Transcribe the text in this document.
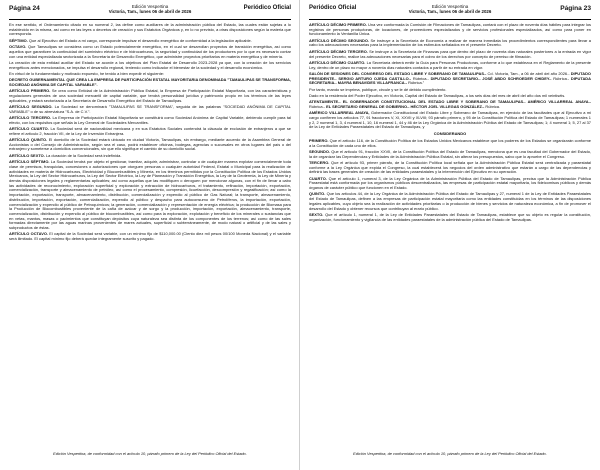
Página 24	Edición Vespertina
Victoria, Tam., lunes 06 de abril de 2026
Periódico Oficial

En ese sentido, el Ordenamiento citado en su numeral 2, las define como auxiliares de la administración pública del Estado, las cuales están sujetas a lo establecido en la misma, así como en las leyes o decretos de creación y sus Estatutos Orgánicos y, en lo no previsto, a otras disposiciones según la materia que corresponda.

SÉPTIMO. Que al Ejecutivo del Estado a mi cargo, corresponde impulsar el desarrollo energético de conformidad a la legislación aplicable.

OCTAVO. Que Tamaulipas se considera como un Estado potencialmente energético, en el cual se desarrollan proyectos de transición energética, así como aquellos que garanticen la continuidad del suministro eléctrico e de hidrocarburos, la seguridad y continuidad de los productores por lo que es necesario contar con una entidad especializada sectorizada a la Secretaría de Desarrollo Energético, que administre proyectos prioritarios en materia energética y de minería.

La creación de esta entidad auxiliar del Estado se acorde a los objetivos del Plan Estatal de Desarrollo 2023-2028 ya que, con la creación de los servicios energéticos antes mencionados, se impulsa el desarrollo regional, teniendo como indicador el bienestar de la sociedad y el desarrollo económico.

En virtud de lo fundamentado y motivado expuesto, he tenido a bien expedir el siguiente:

DECRETO GUBERNAMENTAL QUE CREA LA EMPRESA DE PARTICIPACIÓN ESTATAL MAYORITARIA DENOMINADA "TAMAULIPAS SE TRANSFORMA, SOCIEDAD ANÓNIMA DE CAPITAL VARIABLE".

ARTÍCULO PRIMERO. Se crea como Entidad de la Administración Pública Estatal, la Empresa de Participación Estatal Mayoritaria, con las características y regulaciones generales de una sociedad mercantil de capital variable, que tendrá personalidad jurídica y patrimonio propio en los términos de las leyes aplicables, y estará sectorizada a la Secretaría de Desarrollo Energético del Estado de Tamaulipas.

ARTÍCULO SEGUNDO. La Sociedad se denominará "TAMAULIPAS SE TRANSFORMA", seguida de las palabras "SOCIEDAD ANÓNIMA DE CAPITAL VARIABLE" o de su abreviatura "S.A. de C.V.".

ARTÍCULO TERCERO. La Empresa de Participación Estatal Mayoritaria se constituirá como Sociedad Anónima de Capital Variable, debiendo cumplir para tal efecto, con los requisitos que señala la Ley General de Sociedades Mercantiles.

ARTÍCULO CUARTO. La Sociedad será de nacionalidad mexicana y en sus Estatutos Sociales contendrá la cláusula de exclusión de extranjeros a que se refiere el artículo 2, fracción VII, de la Ley de Inversión Extranjera.

ARTÍCULO QUINTO. El domicilio de la Sociedad estará ubicado en ciudad Victoria, Tamaulipas, sin embargo, mediante acuerdo de la Asamblea General de Accionistas o del Consejo de Administración, según sea el caso, podrá establecer oficinas, bodegas, agencias o sucursales en otros lugares del país o del extranjero y someterse a domicilios convencionales, sin que ello signifique el cambio de su domicilio social.

ARTÍCULO SEXTO. La duración de la Sociedad será indefinida.

ARTÍCULO SÉPTIMO. La Sociedad tendrá por objeto el gestionar, tramitar, adquirir, administrar, controlar o de cualquier manera explotar comercialmente toda clase de permisos, franquicias, concesiones o autorizaciones que otorguen personas o cualquier autoridad Federal, Estatal o Municipal para la realización de actividades en materia de Hidrocarburos, Electricidad y Biocombustibles y Minería, en los términos permitidos por la Constitución Política de los Estados Unidos Mexicanos, la Ley del Sector Hidrocarburos, la Ley del Sector Eléctrico, la Ley de Planeación y Transición Energética, la Ley de la Geotermia, la Ley de Minería y demás disposiciones legales y reglamentarias aplicables; así como aquellas que las modifiquen o deroguen por mencionar algunas, con el fin de llevar a cabo las actividades de reconocimiento, exploración superficial y exploración y extracción de hidrocarburos, el tratamiento, refinación, importación, exportación, comercialización, transporte y almacenamiento de petróleo, así como el procesamiento, compresión, licuefacción, descompresión y regasificación; así como la importación, exportación, transporte, almacenamiento, distribución, comercialización y expendio al público de Gas Natural; la transporte, almacenamiento, distribución, importación, exportación, comercialización, expendio al público y despacho para autoconsumo de Petrolíferos, la importación, exportación, comercialización y expendio al público de Petroquímicos; la generación, comercialización y representación de energía eléctrica; la producción de Biomasa para la Producción de Biocombustibles proveniente de la caña de azúcar y de sorgo y la producción, importación, exportación, almacenamiento, transporte, comercialización, distribución y expendio al público de biocombustibles, así como para la exploración, explotación y beneficio de los minerales o sustancias que en vetas, mantos, masas o yacimientos que constituyan depósitos cuya naturaleza sea distinta de los componentes de los terrenos; así como de las sales formadas directamente por las aguas marinas provenientes de mares actuales, superficial o subterráneamente, de modo natural o artificial y de las sales y subproductos de éstas.

ARTÍCULO OCTAVO. El capital de la Sociedad será variable, con un mínimo fijo de $110,000.00 (Ciento diez mil pesos 00/100 Moneda Nacional) y el variable será ilimitado. El capital mínimo fijo deberá quedar íntegramente suscrito y pagado.

Edición Vespertina, de conformidad con el artículo 10, párrafo primero de la Ley del Periódico Oficial del Estado.
Periódico Oficial	Edición Vespertina
Victoria, Tam., lunes 06 de abril de 2026	Página 23

ARTÍCULO DÉCIMO PRIMERO. Una vez conformada la Comisión de Filmaciones de Tamaulipas, contará con el plazo de noventa días hábiles para integrar los registros de personas productoras, de locaciones, de proveedores especializados y de servicios profesionales especializados, así como para poner en funcionamiento la Ventanilla Única.

ARTÍCULO DÉCIMO SEGUNDO. Se instruye a la Secretaría de Economía a realizar de manera inmediata los procedimientos correspondientes para llevar a cabo los adecuaciones necesarias para la implementación de los estímulos señalados en el presente Decreto.

ARTÍCULO DÉCIMO TERCERO. Se instruye a la Secretaría de Finanzas para que dentro del plazo de noventa días naturales posteriores a la entrada en vigor del presente Decreto, realice las adecuaciones necesarias para el cobro de los derechos por concepto de permiso de filmación.

ARTÍCULO DÉCIMO CUARTO. La Secretaría deberá emitir la Guía para Personas Productoras, conforme a lo que establezca en el Reglamento de la presente Ley, dentro de un plazo no mayor a noventa días naturales contados a partir de su entrada en vigor.

SALÓN DE SESIONES DEL CONGRESO DEL ESTADO LIBRE Y SOBERANO DE TAMAULIPAS.- Cd. Victoria, Tam., a 06 de abril del año 2026.- DIPUTADO PRESIDENTE.- SERGIO ARTURO OJEDA CASTILLO.- Rúbrica.- DIPUTADO SECRETARIO.- JOSÉ ABDO SCHROEDER CHIDEY.- Rúbrica.- DIPUTADA SECRETARIA.- MAYRA BENAVIDES VILLAFRANCA.- Rúbrica."

Por tanto, mando se imprima, publique, circule y se le dé debido cumplimiento.

Dado en la residencia del Poder Ejecutivo, en Victoria, Capital del Estado de Tamaulipas, a los seis días del mes de abril del año dos mil veintiséis.

ATENTAMENTE.- EL GOBERNADOR CONSTITUCIONAL DEL ESTADO LIBRE Y SOBERANO DE TAMAULIPAS.- AMÉRICO VILLARREAL ANAYA.- Rúbrica.- EL SECRETARIO GENERAL DE GOBIERNO.- HÉCTOR JOEL VILLEGAS GONZÁLEZ.- Rúbrica.

AMÉRICO VILLARREAL ANAYA, Gobernador Constitucional del Estado Libre y Soberano de Tamaulipas, en ejercicio de las facultades que al Ejecutivo a mi cargo confieren los artículos 77, 91 fracciones V, XI, XXVII y XLVIII; 93 párrafo primero, y 95 de la Constitución Política del Estado de Tamaulipas; 1 numerales 1 y 2, 2 numeral 1, 3, 4 numeral 1, 10, 16 numeral 1, 44 y 46 de la Ley Orgánica de la Administración Pública del Estado de Tamaulipas; 1; 4 numeral 1; 5, 27 al 37 de la Ley de Entidades Paraestatales del Estado de Tamaulipas, y

CONSIDERANDO

PRIMERO. Que el artículo 116, de la Constitución Política de los Estados Unidos Mexicanos establece que los poderes de los Estados se organizarán conforme a la Constitución de cada uno de ellos.

SEGUNDO. Que el artículo 91, fracción XXVII, de la Constitución Política del Estado de Tamaulipas, menciona que es una facultad del Gobernador del Estado, la de organizar las Dependencias y Entidades de la Administración Pública Estatal, sin alterar los presupuestos, salvo que lo apruebe el Congreso.

TERCERO. Que el artículo 93, primer párrafo, de la Constitución Política local señala que la Administración Pública Estatal será centralizada y paraestatal conforme a la Ley Orgánica que expida el Congreso, la cual establecerá los negocios del orden administrativo que estarán a cargo de las dependencias y definirá las bases generales de creación de las entidades paraestatales y la intervención del Ejecutivo en su operación.

CUARTO. Que el artículo 1, numeral 3, de la Ley Orgánica de la Administración Pública del Estado de Tamaulipas, precisa que la Administración Pública Paraestatal está conformada por los organismos públicos descentralizados, las empresas de participación estatal mayoritaria, los fideicomisos públicos y demás órganos de carácter público que funcionen en el Estado.

QUINTO. Que los artículos 44, de la Ley Orgánica de la Administración Pública del Estado de Tamaulipas y 27, numeral 1 de la Ley de Entidades Paraestatales del Estado de Tamaulipas, definen a las empresas de participación estatal mayoritaria como las entidades constituidas en los términos de las disposiciones legales aplicables, cuyo objeto sea la realización de actividades prioritarias o la producción de bienes y servicios de naturaleza económica, a fin de promover el desarrollo del Estado y obtener recursos que contribuyan al erario público.

SEXTO. Que el artículo 1, numeral 1, de la Ley de Entidades Paraestatales del Estado de Tamaulipas, establece que su objeto es regular la constitución, organización, funcionamiento y vigilancia de las entidades paraestatales de la administración pública del Estado de Tamaulipas.

Edición Vespertina, de conformidad con el artículo 10, párrafo primero de la Ley del Periódico Oficial del Estado.
